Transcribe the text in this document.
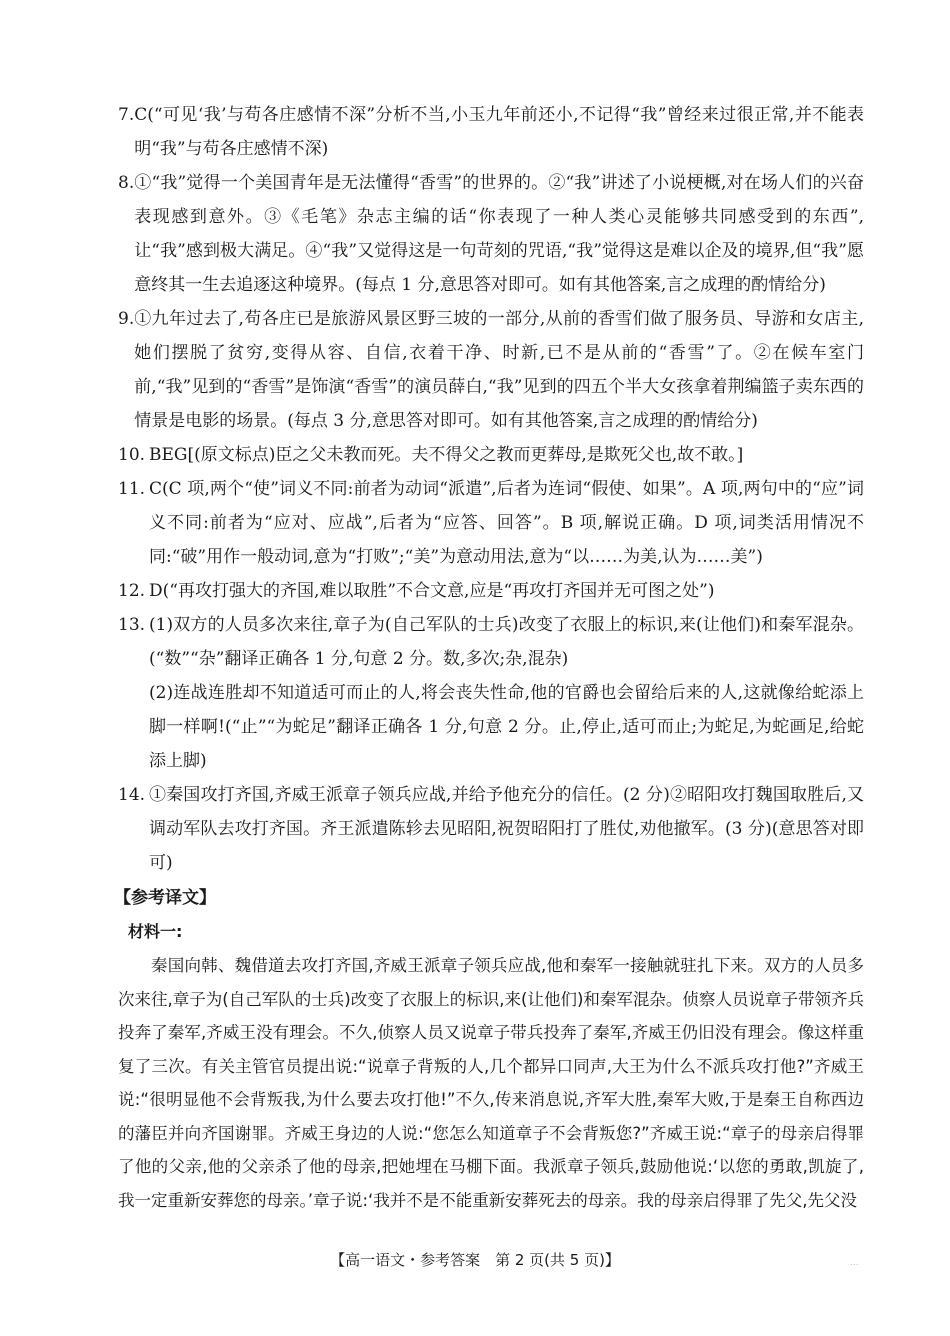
7. C(“可见‘我’与苟各庄感情不深”分析不当,小玉九年前还小,不记得“我”曾经来过很正常,并不能表明“我”与苟各庄感情不深)
8. ①“我”觉得一个美国青年是无法懂得“香雪”的世界的。②“我”讲述了小说梗概,对在场人们的兴奋表现感到意外。③《毛笔》杂志主编的话“你表现了一种人类心灵能够共同感受到的东西”,让“我”感到极大满足。④“我”又觉得这是一句苛刻的咒语,“我”觉得这是难以企及的境界,但“我”愿意终其一生去追逐这种境界。(每点 1 分,意思答对即可。如有其他答案,言之成理的酌情给分)
9. ①九年过去了,苟各庄已是旅游风景区野三坡的一部分,从前的香雪们做了服务员、导游和女店主,她们摆脱了贫穷,变得从容、自信,衣着干净、时新,已不是从前的“香雪”了。②在候车室门前,“我”见到的“香雪”是饰演“香雪”的演员薛白,“我”见到的四五个半大女孩拿着荆编篮子卖东西的情景是电影的场景。(每点 3 分,意思答对即可。如有其他答案,言之成理的酌情给分)
10. BEG[(原文标点)臣之父未教而死。夫不得父之教而更葬母,是欺死父也,故不敢。]
11. C(C 项,两个“使”词义不同:前者为动词“派遣”,后者为连词“假使、如果”。A 项,两句中的“应”词义不同:前者为“应对、应战”,后者为“应答、回答”。B 项,解说正确。D 项,词类活用情况不同:“破”用作一般动词,意为“打败”;“美”为意动用法,意为“以……为美,认为……美”)
12. D(“再攻打强大的齐国,难以取胜”不合文意,应是“再攻打齐国并无可图之处”)
13. (1)双方的人员多次来往,章子为(自己军队的士兵)改变了衣服上的标识,来(让他们)和秦军混杂。(“数”“杂”翻译正确各 1 分,句意 2 分。数,多次;杂,混杂)

(2)连战连胜却不知道适可而止的人,将会丧失性命,他的官爵也会留给后来的人,这就像给蛇添上脚一样啊!(“止”“为蛇足”翻译正确各 1 分,句意 2 分。止,停止,适可而止;为蛇足,为蛇画足,给蛇添上脚)

14. ①秦国攻打齐国,齐威王派章子领兵应战,并给予他充分的信任。(2 分)②昭阳攻打魏国取胜后,又调动军队去攻打齐国。齐王派遣陈轸去见昭阳,祝贺昭阳打了胜仗,劝他撤军。(3 分)(意思答对即可)

【参考译文】

材料一:

秦国向韩、魏借道去攻打齐国,齐威王派章子领兵应战,他和秦军一接触就驻扎下来。双方的人员多次来往,章子为(自己军队的士兵)改变了衣服上的标识,来(让他们)和秦军混杂。侦察人员说章子带领齐兵投奔了秦军,齐威王没有理会。不久,侦察人员又说章子带兵投奔了秦军,齐威王仍旧没有理会。像这样重复了三次。有关主管官员提出说:“说章子背叛的人,几个都异口同声,大王为什么不派兵攻打他?”齐威王说:“很明显他不会背叛我,为什么要去攻打他!”不久,传来消息说,齐军大胜,秦军大败,于是秦王自称西边的藩臣并向齐国谢罪。齐威王身边的人说:“您怎么知道章子不会背叛您?”齐威王说:“章子的母亲启得罪了他的父亲,他的父亲杀了他的母亲,把她埋在马棚下面。我派章子领兵,鼓励他说:‘以您的勇敢,凯旋了,我一定重新安葬您的母亲。’章子说:‘我并不是不能重新安葬死去的母亲。我的母亲启得罪了先父,先父没

【高一语文・参考答案　第 2 页(共 5 页)】	...
